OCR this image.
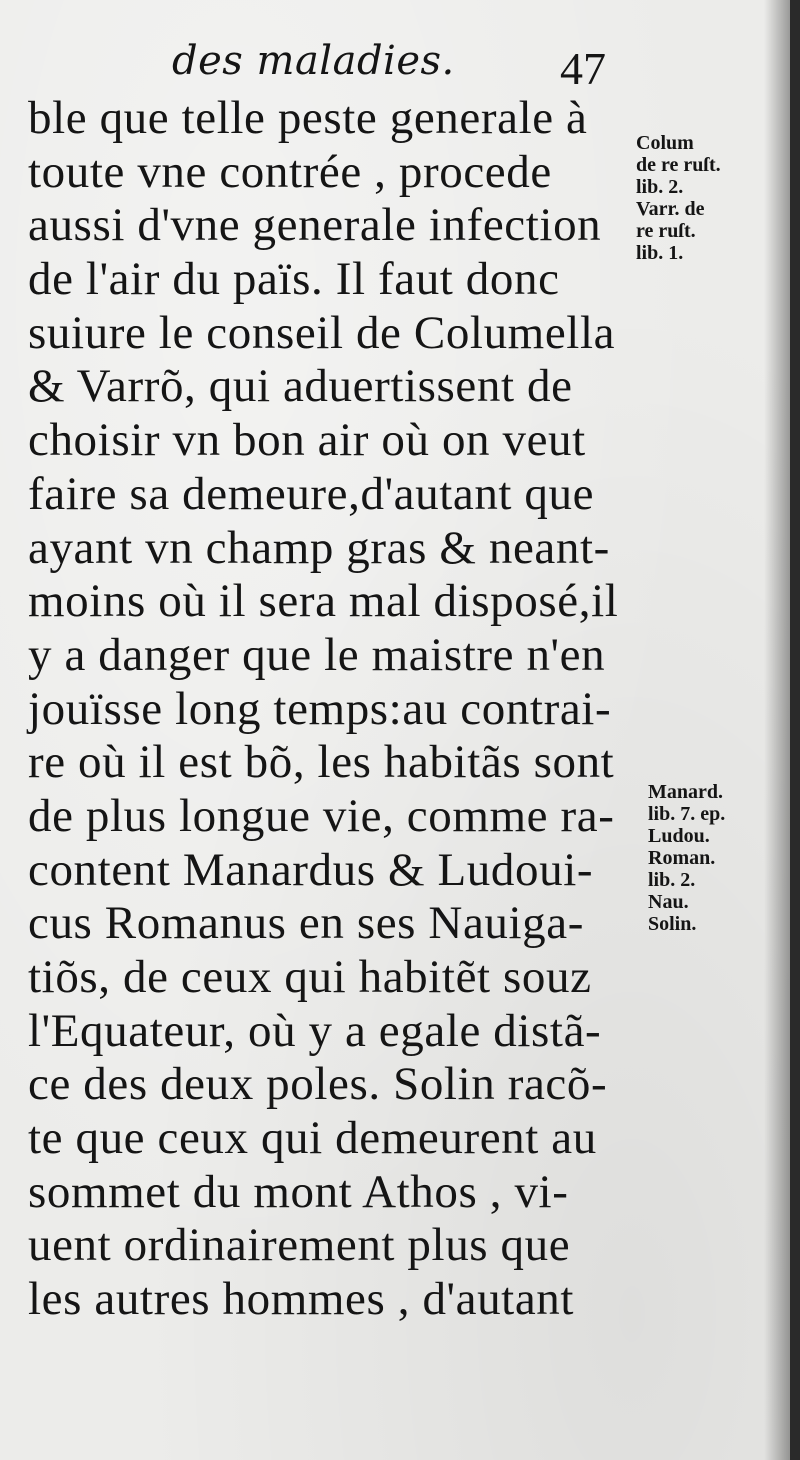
des maladies. 47
ble que telle peste generale à
toute vne contrée , procede
aussi d'vne generale infection
de l'air du païs. Il faut donc
suiure le conseil de Columella
& Varrõ, qui aduertissent de
choisir vn bon air où on veut
faire sa demeure,d'autant que
ayant vn champ gras & neant-
moins où il sera mal disposé,il
y a danger que le maistre n'en
jouïsse long temps:au contrai-
re où il est bõ, les habitãs sont
de plus longue vie, comme ra-
content Manardus & Ludoui-
cus Romanus en ses Nauiga-
tiõs, de ceux qui habitẽt souz
l'Equateur, où y a egale distã-
ce des deux poles. Solin racõ-
te que ceux qui demeurent au
sommet du mont Athos , vi-
uent ordinairement plus que
les autres hommes , d'autant
Colum
de re ruſt.
lib. 2.
Varr. de
re ruſt.
lib. 1.
Manard.
lib. 7. ep.
Ludou.
Roman.
lib. 2.
Nau.
Solin.
